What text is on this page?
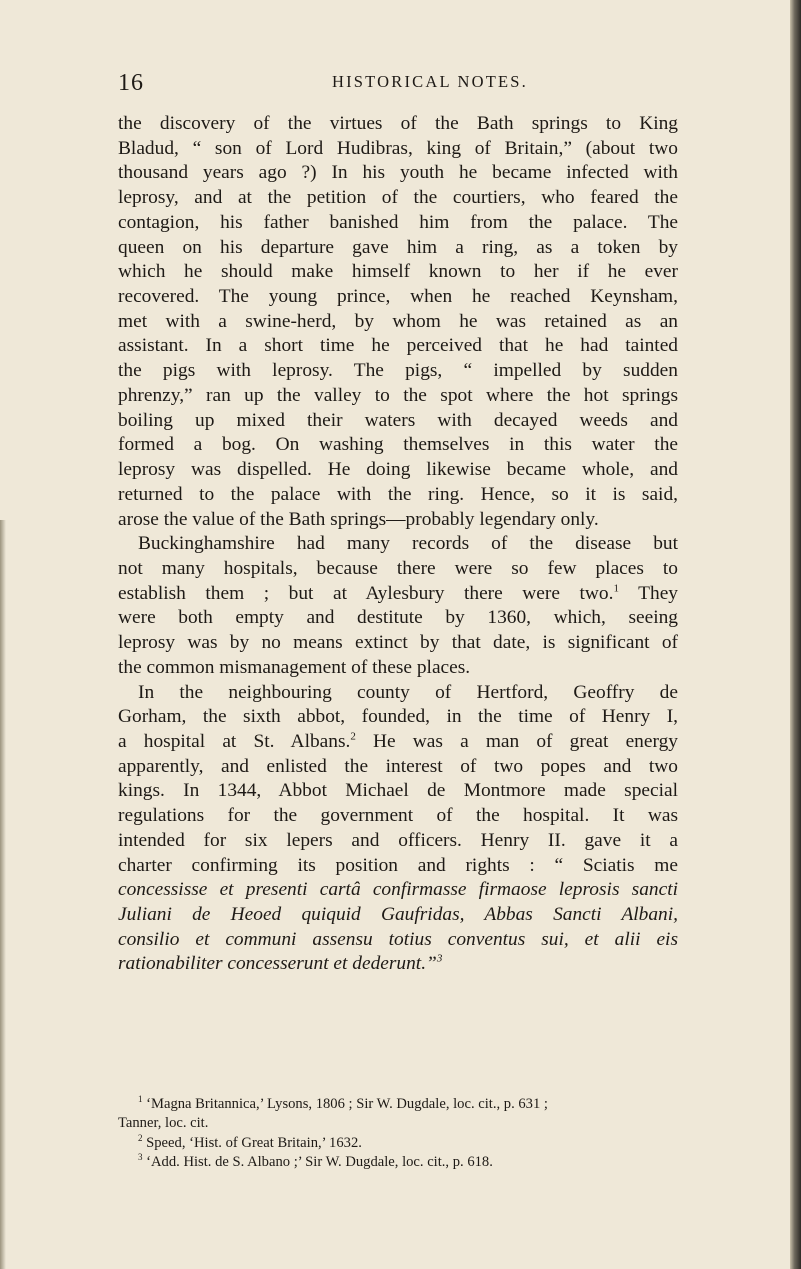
16	HISTORICAL NOTES.
the discovery of the virtues of the Bath springs to King
Bladud, “ son of Lord Hudibras, king of Britain,” (about two
thousand years ago ?) In his youth he became infected with
leprosy, and at the petition of the courtiers, who feared the
contagion, his father banished him from the palace. The
queen on his departure gave him a ring, as a token by
which he should make himself known to her if he ever
recovered. The young prince, when he reached Keynsham,
met with a swine-herd, by whom he was retained as an
assistant. In a short time he perceived that he had tainted
the pigs with leprosy. The pigs, “ impelled by sudden
phrenzy,” ran up the valley to the spot where the hot springs
boiling up mixed their waters with decayed weeds and
formed a bog. On washing themselves in this water the
leprosy was dispelled. He doing likewise became whole, and
returned to the palace with the ring. Hence, so it is said,
arose the value of the Bath springs—probably legendary only.
Buckinghamshire had many records of the disease but
not many hospitals, because there were so few places to
establish them ; but at Aylesbury there were two.$^1$ They
were both empty and destitute by 1360, which, seeing
leprosy was by no means extinct by that date, is significant of
the common mismanagement of these places.
In the neighbouring county of Hertford, Geoffry de
Gorham, the sixth abbot, founded, in the time of Henry I,
a hospital at St. Albans.$^2$ He was a man of great energy
apparently, and enlisted the interest of two popes and two
kings. In 1344, Abbot Michael de Montmore made special
regulations for the government of the hospital. It was
intended for six lepers and officers. Henry II. gave it a
charter confirming its position and rights : “ Sciatis me
concessisse et presenti cartâ confirmasse firmaose leprosis sancti
Juliani de Heoed quiquid Gaufridas, Abbas Sancti Albani,
consilio et communi assensu totius conventus sui, et alii eis
rationabiliter concesserunt et dederunt.”$^3$
$^1$ ‘Magna Britannica,’ Lysons, 1806 ; Sir W. Dugdale, loc. cit., p. 631 ;
Tanner, loc. cit.
$^2$ Speed, ‘Hist. of Great Britain,’ 1632.
$^3$ ‘Add. Hist. de S. Albano ;’ Sir W. Dugdale, loc. cit., p. 618.
